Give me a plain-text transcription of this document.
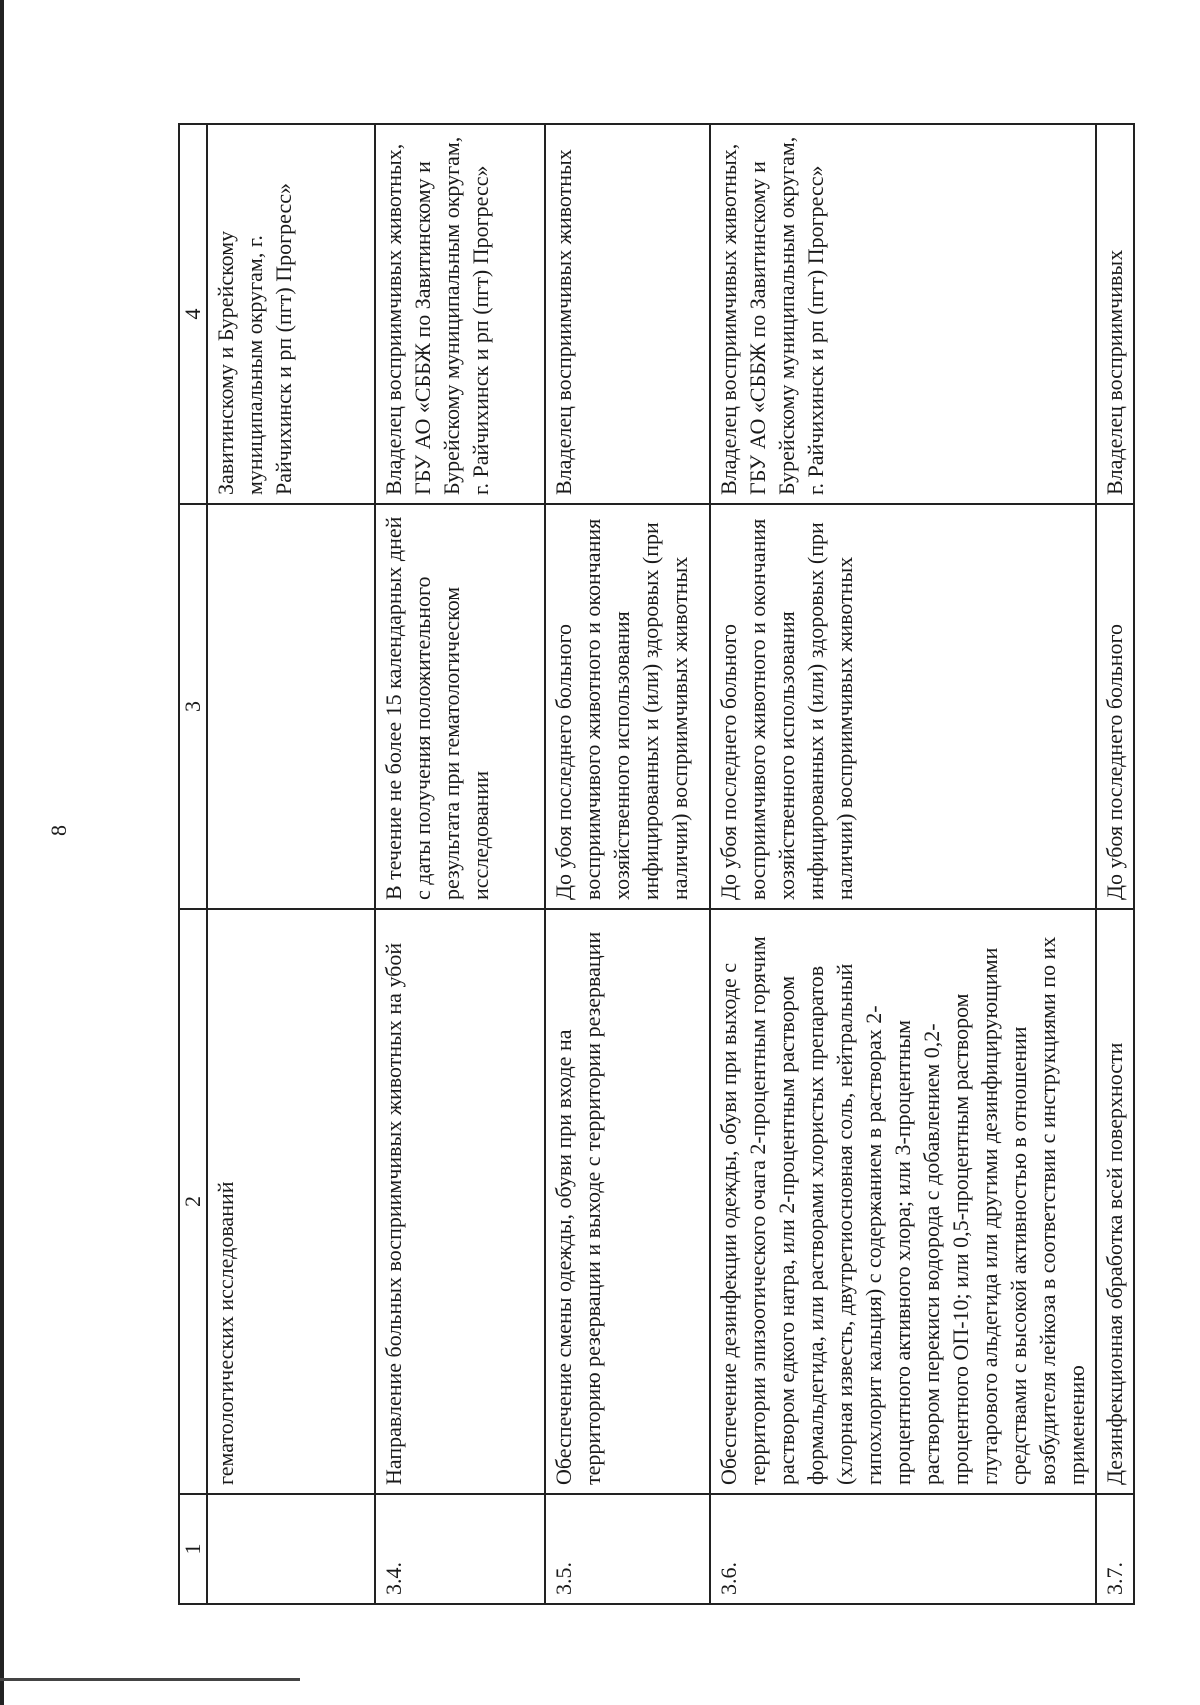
8
1	2	3	4
	гематологических исследований		Завитинскому и Бурейскому муниципальным округам, г. Райчихинск и рп (пгт) Прогресс»
3.4.	Направление больных восприимчивых животных на убой	В течение не более 15 календарных дней с даты получения положительного результата при гематологическом исследовании	Владелец восприимчивых животных, ГБУ АО «СББЖ по Завитинскому и Бурейскому муниципальным округам, г. Райчихинск и рп (пгт) Прогресс»
3.5.	Обеспечение смены одежды, обуви при входе на территорию резервации и выходе с территории резервации	До убоя последнего больного восприимчивого животного и окончания хозяйственного использования инфицированных и (или) здоровых (при наличии) восприимчивых животных	Владелец восприимчивых животных
3.6.	Обеспечение дезинфекции одежды, обуви при выходе с территории эпизоотического очага 2-процентным горячим раствором едкого натра, или 2-процентным раствором формальдегида, или растворами хлористых препаратов (хлорная известь, двутретиосновная соль, нейтральный гипохлорит кальция) с содержанием в растворах 2-процентного активного хлора; или 3-процентным раствором перекиси водорода с добавлением 0,2-процентного ОП-10; или 0,5-процентным раствором глутарового альдегида или другими дезинфицирующими средствами с высокой активностью в отношении возбудителя лейкоза в соответствии с инструкциями по их применению	До убоя последнего больного восприимчивого животного и окончания хозяйственного использования инфицированных и (или) здоровых (при наличии) восприимчивых животных	Владелец восприимчивых животных, ГБУ АО «СББЖ по Завитинскому и Бурейскому муниципальным округам, г. Райчихинск и рп (пгт) Прогресс»
3.7.	Дезинфекционная обработка всей поверхности	До убоя последнего больного	Владелец восприимчивых
